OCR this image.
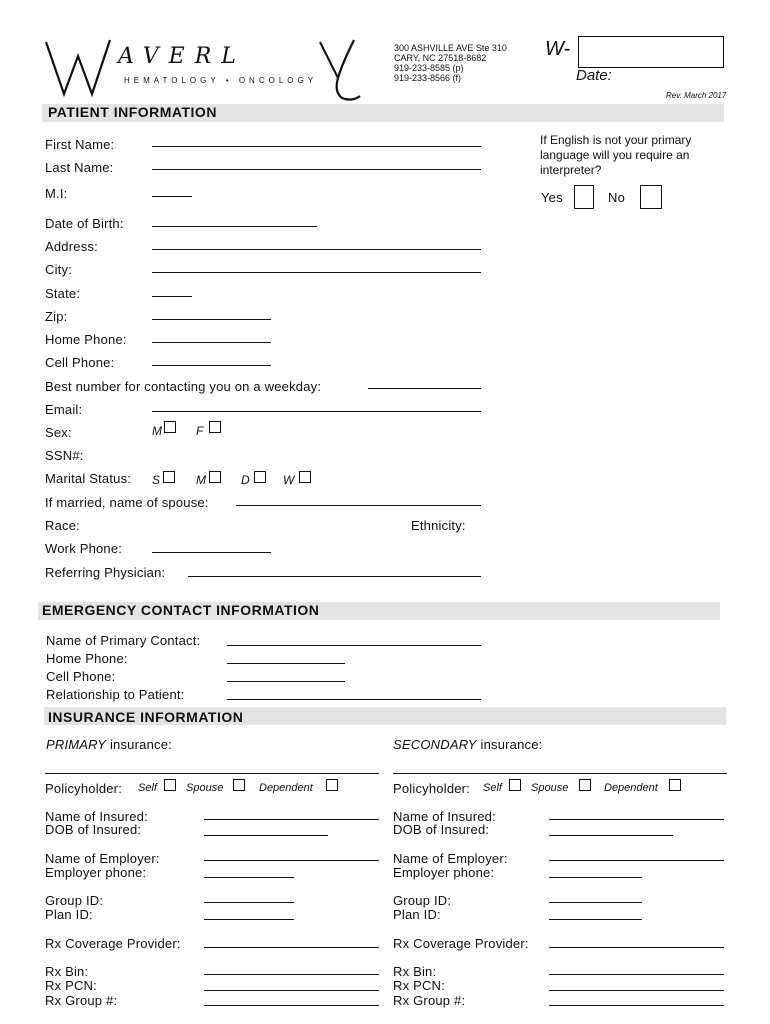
AVERL
HEMATOLOGY • ONCOLOGY
300 ASHVILLE AVE Ste 310
CARY, NC 27518-8682
919-233-8585 (p)
919-233-8566 (f)
W-
Date:
Rev. March 2017
PATIENT INFORMATION
First Name:
Last Name:
M.I:
Date of Birth:
Address:
City:
State:
Zip:
Home Phone:
Cell Phone:
Best number for contacting you on a weekday:
Email:
Sex:	M	F
SSN#:
Marital Status: S	M	D	W
If married, name of spouse:
Race:	Ethnicity:
Work Phone:
Referring Physician:
If English is not your primary
language will you require an
interpreter?
Yes	No
EMERGENCY CONTACT INFORMATION
Name of Primary Contact:
Home Phone:
Cell Phone:
Relationship to Patient:
INSURANCE INFORMATION
PRIMARY insurance:
Policyholder: Self	Spouse	Dependent
Name of Insured:
DOB of Insured:
Name of Employer:
Employer phone:
Group ID:
Plan ID:
Rx Coverage Provider:
Rx Bin:
Rx PCN:
Rx Group #:
SECONDARY insurance:
Policyholder: Self	Spouse	Dependent
Name of Insured:
DOB of Insured:
Name of Employer:
Employer phone:
Group ID:
Plan ID:
Rx Coverage Provider:
Rx Bin:
Rx PCN:
Rx Group #:
